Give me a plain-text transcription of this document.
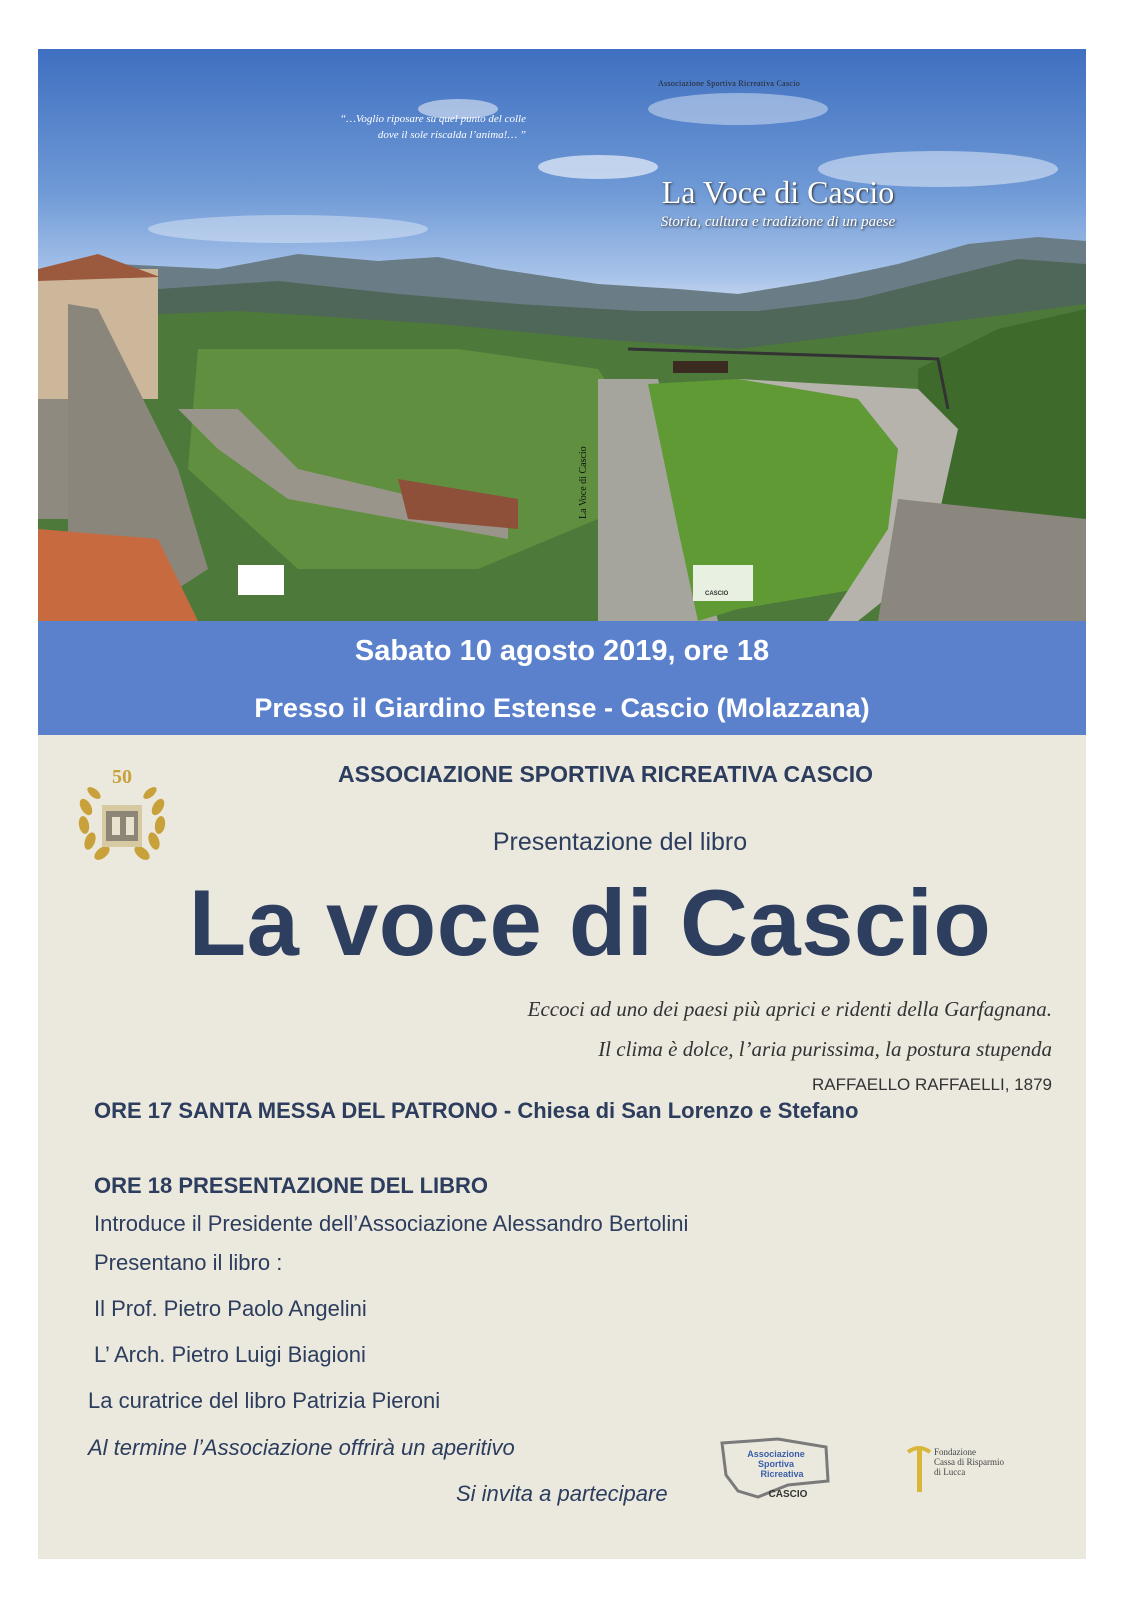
Associazione Sportiva Ricreativa Cascio
“…Voglio riposare su quel punto del colle
dove il sole riscalda l’anima!… ”
La Voce di Cascio
Storia, cultura e tradizione di un paese
La Voce di Cascio
CASCIO
Sabato 10 agosto 2019, ore 18
Presso il Giardino Estense - Cascio (Molazzana)
50	ASSOCIAZIONE SPORTIVA RICREATIVA CASCIO
Presentazione del libro
La voce di Cascio
Eccoci ad uno dei paesi più aprici e ridenti della Garfagnana.
Il clima è dolce, l’aria purissima, la postura stupenda
RAFFAELLO RAFFAELLI, 1879
ORE 17 SANTA MESSA DEL PATRONO - Chiesa di San Lorenzo e Stefano
ORE 18 PRESENTAZIONE DEL LIBRO
Introduce il Presidente dell’Associazione Alessandro Bertolini
Presentano il libro :
Il Prof. Pietro Paolo Angelini
L’ Arch. Pietro Luigi Biagioni
La curatrice del libro Patrizia Pieroni
Al termine l’Associazione offrirà un aperitivo
Si invita a partecipare
Associazione
Sportiva
Ricreativa
CASCIO
Fondazione
Cassa di Risparmio
di Lucca
